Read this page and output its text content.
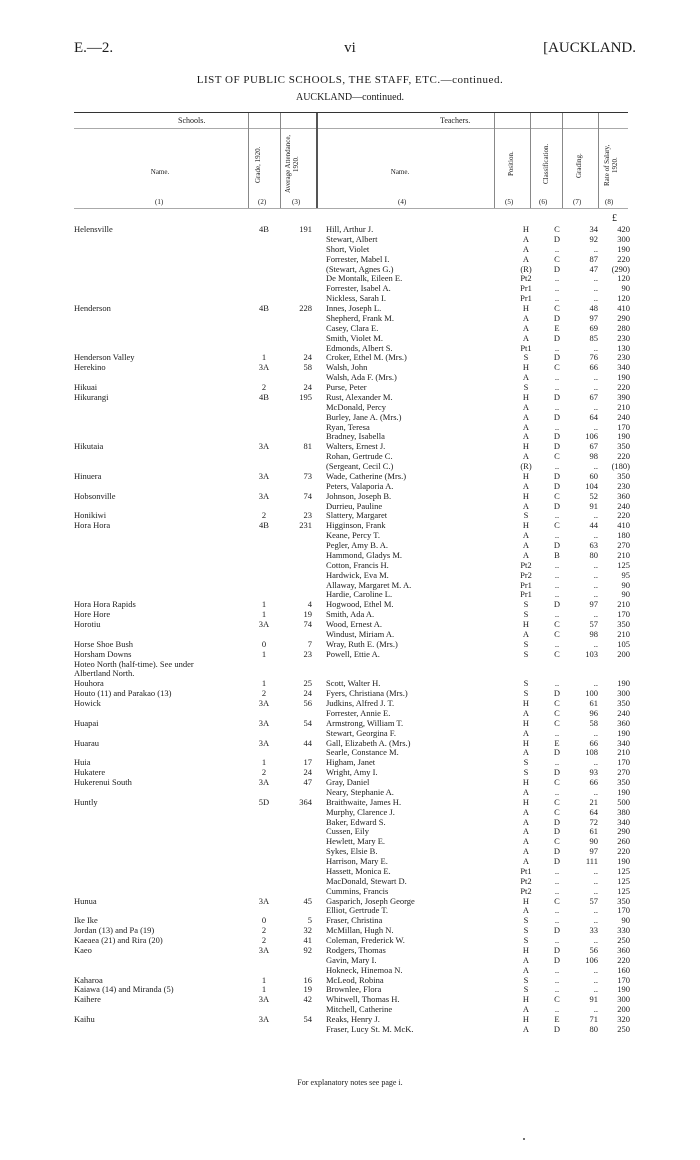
E.—2.	vi	[AUCKLAND.
LIST OF PUBLIC SCHOOLS, THE STAFF, ETC.—continued.
AUCKLAND—continued.
Schools.	Teachers.
Name.	Grade, 1920.	Average Attendance, 1920.
Name.	Position.	Classification.	Grading.	Rate of Salary, 1920.
(1)	(2)	(3)	(4)	(5)	(6)	(7)	(8)
£
Helensville	4B	191	Hill, Arthur J.	H	C	34	420
			Stewart, Albert	A	D	92	300
			Short, Violet	A	..	..	190
			Forrester, Mabel I.	A	C	87	220
			(Stewart, Agnes G.)	(R)	D	47	(290)
			De Montalk, Eileen E.	Pt2	..	..	120
			Forrester, Isabel A.	Pr1	..	..	90
			Nickless, Sarah I.	Pr1	..	..	120
Henderson	4B	228	Innes, Joseph L.	H	C	48	410
			Shepherd, Frank M.	A	D	97	290
			Casey, Clara E.	A	E	69	280
			Smith, Violet M.	A	D	85	230
			Edmonds, Albert S.	Pt1	..	..	130
Henderson Valley	1	24	Croker, Ethel M. (Mrs.)	S	D	76	230
Herekino	3A	58	Walsh, John	H	C	66	340
			Walsh, Ada F. (Mrs.)	A	..	..	190
Hikuai	2	24	Purse, Peter	S	..	..	220
Hikurangi	4B	195	Rust, Alexander M.	H	D	67	390
			McDonald, Percy	A	..	..	210
			Burley, Jane A. (Mrs.)	A	D	64	240
			Ryan, Teresa	A	..	..	170
			Bradney, Isabella	A	D	106	190
Hikutaia	3A	81	Walters, Ernest J.	H	D	67	350
			Rohan, Gertrude C.	A	C	98	220
			(Sergeant, Cecil C.)	(R)	..	..	(180)
Hinuera	3A	73	Wade, Catherine (Mrs.)	H	D	60	350
			Peters, Valaporia A.	A	D	104	230
Hobsonville	3A	74	Johnson, Joseph B.	H	C	52	360
			Durrieu, Pauline	A	D	91	240
Honikiwi	2	23	Slattery, Margaret	S	..	..	220
Hora Hora	4B	231	Higginson, Frank	H	C	44	410
			Keane, Percy T.	A	..	..	180
			Pegler, Amy B. A.	A	D	63	270
			Hammond, Gladys M.	A	B	80	210
			Cotton, Francis H.	Pt2	..	..	125
			Hardwick, Eva M.	Pr2	..	..	95
			Allaway, Margaret M. A.	Pr1	..	..	90
			Hardie, Caroline L.	Pr1	..	..	90
Hora Hora Rapids	1	4	Hogwood, Ethel M.	S	D	97	210
Hore Hore	1	19	Smith, Ada A.	S	..	..	170
Horotiu	3A	74	Wood, Ernest A.	H	C	57	350
			Windust, Miriam A.	A	C	98	210
Horse Shoe Bush	0	7	Wray, Ruth E. (Mrs.)	S	..	..	105
Horsham Downs	1	23	Powell, Ettie A.	S	C	103	200
Hoteo North (half-time). See under							
Albertland North.							
Houhora	1	25	Scott, Walter H.	S	..	..	190
Houto (11) and Parakao (13)	2	24	Fyers, Christiana (Mrs.)	S	D	100	300
Howick	3A	56	Judkins, Alfred J. T.	H	C	61	350
			Forrester, Annie E.	A	C	96	240
Huapai	3A	54	Armstrong, William T.	H	C	58	360
			Stewart, Georgina F.	A	..	..	190
Huarau	3A	44	Gall, Elizabeth A. (Mrs.)	H	E	66	340
			Searle, Constance M.	A	D	108	210
Huia	1	17	Higham, Janet	S	..	..	170
Hukatere	2	24	Wright, Amy I.	S	D	93	270
Hukerenui South	3A	47	Gray, Daniel	H	C	66	350
			Neary, Stephanie A.	A	..	..	190
Huntly	5D	364	Braithwaite, James H.	H	C	21	500
			Murphy, Clarence J.	A	C	64	380
			Baker, Edward S.	A	D	72	340
			Cussen, Eily	A	D	61	290
			Hewlett, Mary E.	A	C	90	260
			Sykes, Elsie B.	A	D	97	220
			Harrison, Mary E.	A	D	111	190
			Hassett, Monica E.	Pt1	..	..	125
			MacDonald, Stewart D.	Pt2	..	..	125
			Cummins, Francis	Pt2	..	..	125
Hunua	3A	45	Gasparich, Joseph George	H	C	57	350
			Elliot, Gertrude T.	A	..	..	170
Ike Ike	0	5	Fraser, Christina	S	..	..	90
Jordan (13) and Pa (19)	2	32	McMillan, Hugh N.	S	D	33	330
Kaeaea (21) and Rira (20)	2	41	Coleman, Frederick W.	S	..	..	250
Kaeo	3A	92	Rodgers, Thomas	H	D	56	360
			Gavin, Mary I.	A	D	106	220
			Hokneck, Hinemoa N.	A	..	..	160
Kaharoa	1	16	McLeod, Robina	S	..	..	170
Kaiawa (14) and Miranda (5)	1	19	Brownlee, Flora	S	..	..	190
Kaihere	3A	42	Whitwell, Thomas H.	H	C	91	300
			Mitchell, Catherine	A	..	..	200
Kaihu	3A	54	Reaks, Henry J.	H	E	71	320
			Fraser, Lucy St. M. McK.	A	D	80	250
For explanatory notes see page i.
